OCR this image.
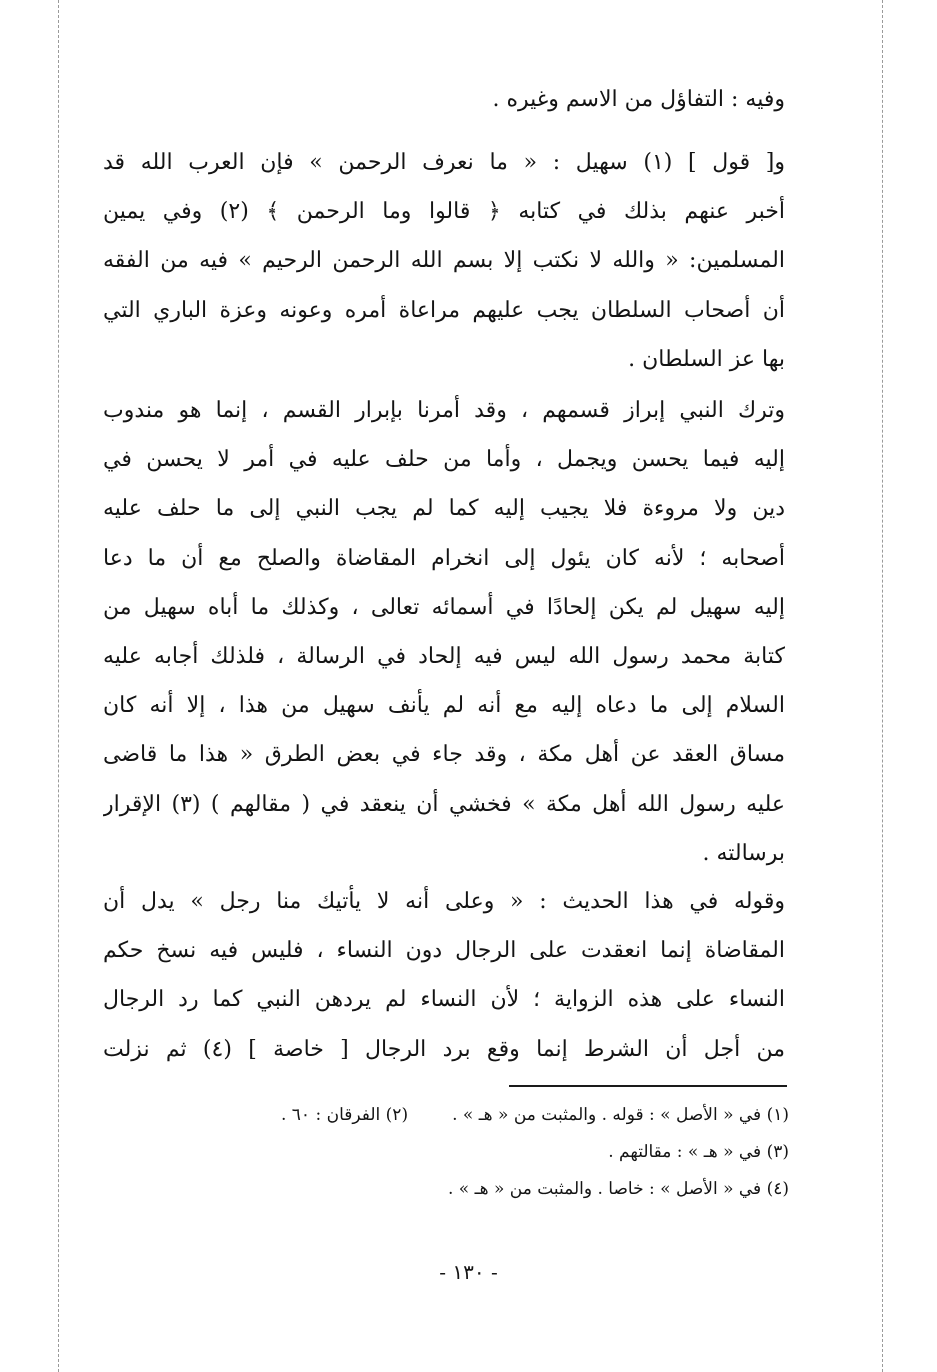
وفيه : التفاؤل من الاسم وغيره .
و[ قول ] (١) سهيل : « ما نعرف الرحمن » فإن العرب الله قد
أخبر عنهم بذلك في كتابه ﴿ قالوا وما الرحمن ﴾ (٢) وفي يمين
المسلمين: « والله لا نكتب إلا بسم الله الرحمن الرحيم » فيه من الفقه
أن أصحاب السلطان يجب عليهم مراعاة أمره وعونه وعزة الباري التي
بها عز السلطان .
وترك النبي إبراز قسمهم ، وقد أمرنا بإبرار القسم ، إنما هو مندوب
إليه فيما يحسن ويجمل ، وأما من حلف عليه في أمر لا يحسن في
دين ولا مروءة فلا يجيب إليه كما لم يجب النبي إلى ما حلف عليه
أصحابه ؛ لأنه كان يئول إلى انخرام المقاضاة والصلح مع أن ما دعا
إليه سهيل لم يكن إلحادًا في أسمائه تعالى ، وكذلك ما أباه سهيل من
كتابة محمد رسول الله ليس فيه إلحاد في الرسالة ، فلذلك أجابه عليه
السلام إلى ما دعاه إليه مع أنه لم يأنف سهيل من هذا ، إلا أنه كان
مساق العقد عن أهل مكة ، وقد جاء في بعض الطرق « هذا ما قاضى
عليه رسول الله أهل مكة » فخشي أن ينعقد في ( مقالهم ) (٣) الإقرار
برسالته .
وقوله في هذا الحديث : « وعلى أنه لا يأتيك منا رجل » يدل أن
المقاضاة إنما انعقدت على الرجال دون النساء ، فليس فيه نسخ حكم
النساء على هذه الزواية ؛ لأن النساء لم يردهن النبي كما رد الرجال
من أجل أن الشرط إنما وقع برد الرجال [ خاصة ] (٤) ثم نزلت
(١) في « الأصل » : قوله . والمثبت من « هـ » .
(٢) الفرقان : ٦٠ .
(٣) في « هـ » : مقالتهم .
(٤) في « الأصل » : خاصا . والمثبت من « هـ » .
- ١٣٠ -
